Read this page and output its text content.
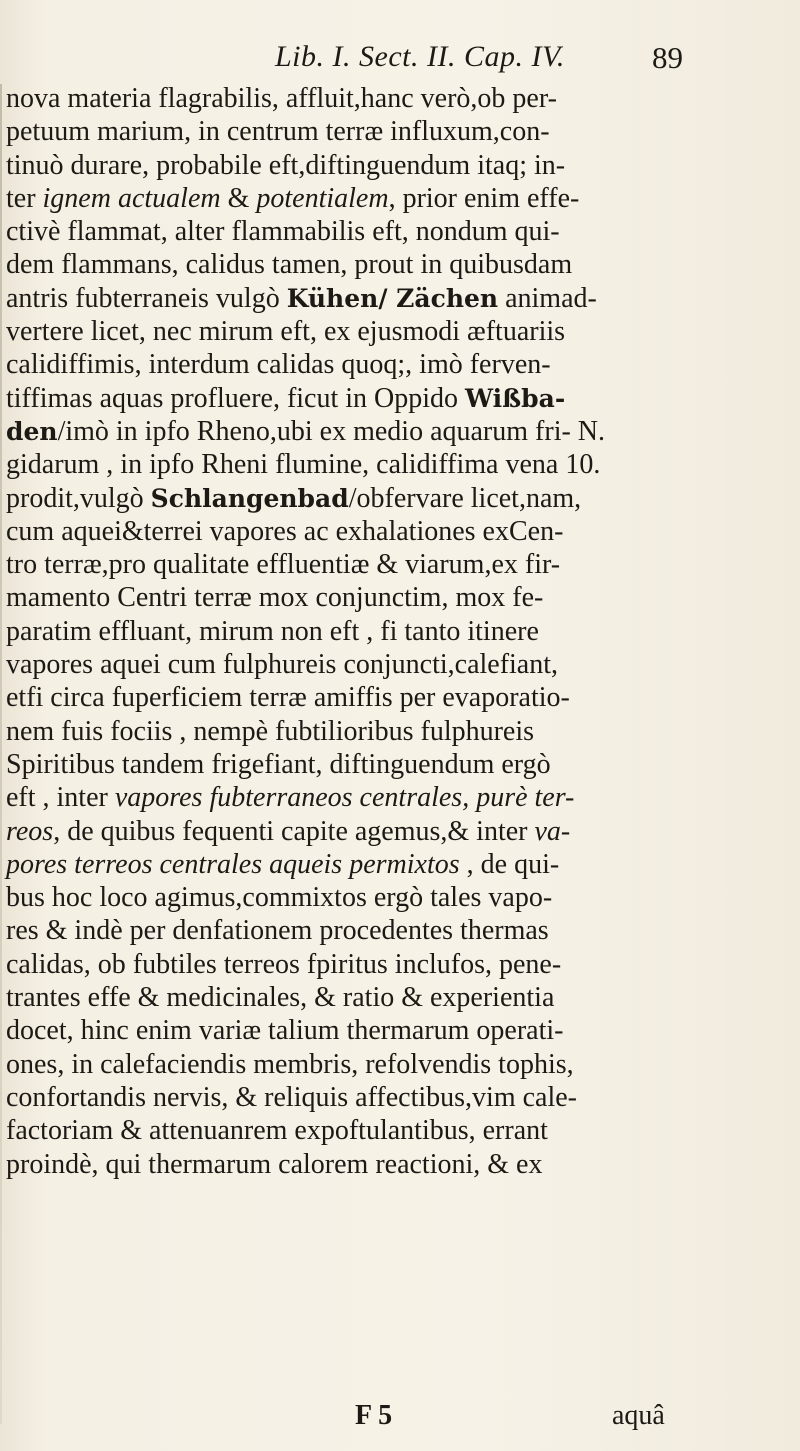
Lib. I. Sect. II. Cap. IV.	89
nova materia flagrabilis, affluit,hanc verò,ob per-
petuum marium, in centrum terræ influxum,con-
tinuò durare, probabile eft,diftinguendum itaq; in-
ter ignem actualem & potentialem, prior enim effe-
ctivè flammat, alter flammabilis eft, nondum qui-
dem flammans, calidus tamen, prout in quibusdam
antris fubterraneis vulgò Kühen/ Zächen animad-
vertere licet, nec mirum eft, ex ejusmodi æftuariis
calidiffimis, interdum calidas quoq;, imò ferven-
tiffimas aquas profluere, ficut in Oppido Wißba-
den/imò in ipfo Rheno,ubi ex medio aquarum fri- N.
gidarum , in ipfo Rheni flumine, calidiffima vena 10.
prodit,vulgò Schlangenbad/obfervare licet,nam,
cum aquei&terrei vapores ac exhalationes exCen-
tro terræ,pro qualitate effluentiæ & viarum,ex fir-
mamento Centri terræ mox conjunctim, mox fe-
paratim effluant, mirum non eft , fi tanto itinere
vapores aquei cum fulphureis conjuncti,calefiant,
etfi circa fuperficiem terræ amiffis per evaporatio-
nem fuis fociis , nempè fubtilioribus fulphureis
Spiritibus tandem frigefiant, diftinguendum ergò
eft , inter vapores fubterraneos centrales, purè ter-
reos, de quibus fequenti capite agemus,& inter va-
pores terreos centrales aqueis permixtos , de qui-
bus hoc loco agimus,commixtos ergò tales vapo-
res & indè per denfationem procedentes thermas
calidas, ob fubtiles terreos fpiritus inclufos, pene-
trantes effe & medicinales, & ratio & experientia
docet, hinc enim variæ talium thermarum operati-
ones, in calefaciendis membris, refolvendis tophis,
confortandis nervis, & reliquis affectibus,vim cale-
factoriam & attenuanrem expoftulantibus, errant
proindè, qui thermarum calorem reactioni, & ex
F 5	aquâ
